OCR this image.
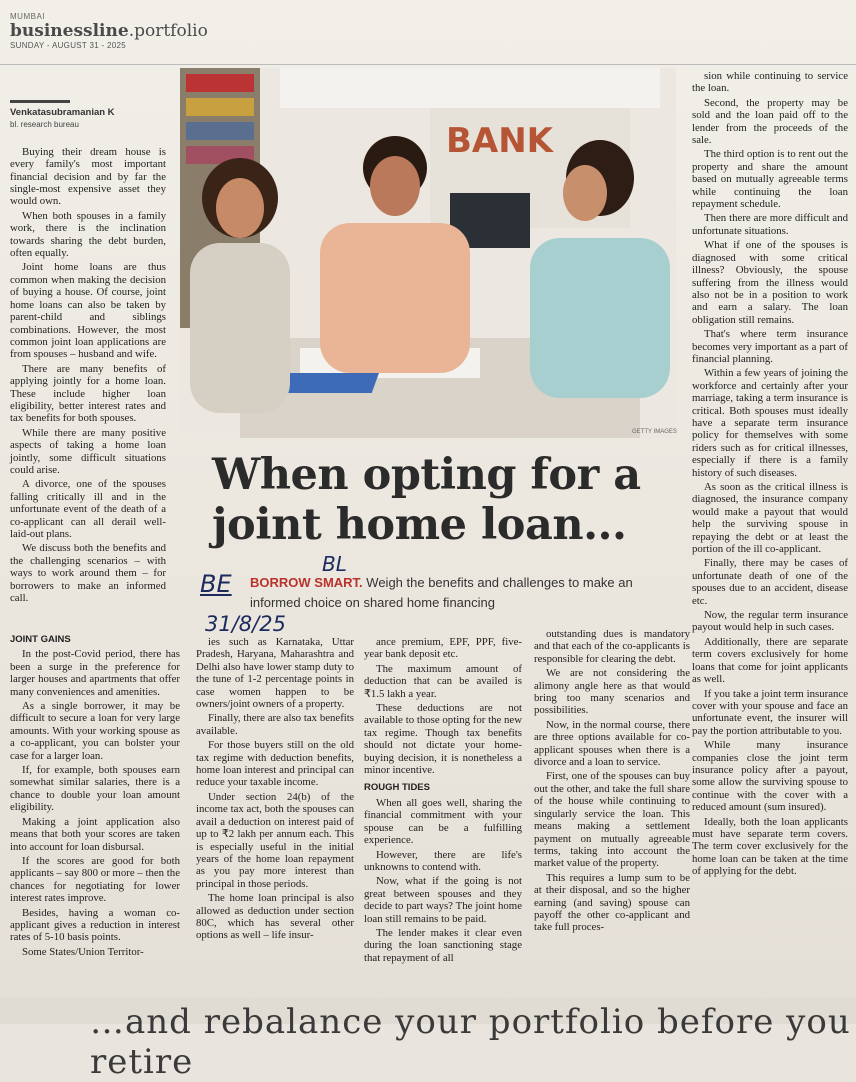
MUMBAI
businessline.portfolio
SUNDAY - AUGUST 31 - 2025
Venkatasubramanian K
bl. research bureau

Buying their dream house is every family's most important financial decision and by far the single-most expensive asset they would own.

When both spouses in a family work, there is the inclination towards sharing the debt burden, often equally.

Joint home loans are thus common when making the decision of buying a house. Of course, joint home loans can also be taken by parent-child and siblings combinations. However, the most common joint loan applications are from spouses – husband and wife.

There are many benefits of applying jointly for a home loan. These include higher loan eligibility, better interest rates and tax benefits for both spouses.

While there are many positive aspects of taking a home loan jointly, some difficult situations could arise.

A divorce, one of the spouses falling critically ill and in the unfortunate event of the death of a co-applicant can all derail well-laid-out plans.

We discuss both the benefits and the challenging scenarios – with ways to work around them – for borrowers to make an informed call.

BANK
GETTY IMAGES
When opting for a joint home loan...
BL
BE
31/8/25
BORROW SMART. Weigh the benefits and challenges to make an informed choice on shared home financing
JOINT GAINS

In the post-Covid period, there has been a surge in the preference for larger houses and apartments that offer many conveniences and amenities.

As a single borrower, it may be difficult to secure a loan for very large amounts. With your working spouse as a co-applicant, you can bolster your case for a larger loan.

If, for example, both spouses earn somewhat similar salaries, there is a chance to double your loan amount eligibility.

Making a joint application also means that both your scores are taken into account for loan disbursal.

If the scores are good for both applicants – say 800 or more – then the chances for negotiating for lower interest rates improve.

Besides, having a woman co-applicant gives a reduction in interest rates of 5-10 basis points.

Some States/Union Territor-

ies such as Karnataka, Uttar Pradesh, Haryana, Maharashtra and Delhi also have lower stamp duty to the tune of 1-2 percentage points in case women happen to be owners/joint owners of a property.

Finally, there are also tax benefits available.

For those buyers still on the old tax regime with deduction benefits, home loan interest and principal can reduce your taxable income.

Under section 24(b) of the income tax act, both the spouses can avail a deduction on interest paid of up to ₹2 lakh per annum each. This is especially useful in the initial years of the home loan repayment as you pay more interest than principal in those periods.

The home loan principal is also allowed as deduction under section 80C, which has several other options as well – life insur-

ance premium, EPF, PPF, five-year bank deposit etc.

The maximum amount of deduction that can be availed is ₹1.5 lakh a year.

These deductions are not available to those opting for the new tax regime. Though tax benefits should not dictate your home-buying decision, it is nonetheless a minor incentive.

ROUGH TIDES

When all goes well, sharing the financial commitment with your spouse can be a fulfilling experience.

However, there are life's unknowns to contend with.

Now, what if the going is not great between spouses and they decide to part ways? The joint home loan still remains to be paid.

The lender makes it clear even during the loan sanctioning stage that repayment of all

outstanding dues is mandatory and that each of the co-applicants is responsible for clearing the debt.

We are not considering the alimony angle here as that would bring too many scenarios and possibilities.

Now, in the normal course, there are three options available for co-applicant spouses when there is a divorce and a loan to service.

First, one of the spouses can buy out the other, and take the full share of the house while continuing to singularly service the loan. This means making a settlement payment on mutually agreeable terms, taking into account the market value of the property.

This requires a lump sum to be at their disposal, and so the higher earning (and saving) spouse can payoff the other co-applicant and take full proces-

sion while continuing to service the loan.

Second, the property may be sold and the loan paid off to the lender from the proceeds of the sale.

The third option is to rent out the property and share the amount based on mutually agreeable terms while continuing the loan repayment schedule.

Then there are more difficult and unfortunate situations.

What if one of the spouses is diagnosed with some critical illness? Obviously, the spouse suffering from the illness would also not be in a position to work and earn a salary. The loan obligation still remains.

That's where term insurance becomes very important as a part of financial planning.

Within a few years of joining the workforce and certainly after your marriage, taking a term insurance is critical. Both spouses must ideally have a separate term insurance policy for themselves with some riders such as for critical illnesses, especially if there is a family history of such diseases.

As soon as the critical illness is diagnosed, the insurance company would make a payout that would help the surviving spouse in repaying the debt or at least the portion of the ill co-applicant.

Finally, there may be cases of unfortunate death of one of the spouses due to an accident, disease etc.

Now, the regular term insurance payout would help in such cases.

Additionally, there are separate term covers exclusively for home loans that come for joint applicants as well.

If you take a joint term insurance cover with your spouse and face an unfortunate event, the insurer will pay the portion attributable to you.

While many insurance companies close the joint term insurance policy after a payout, some allow the surviving spouse to continue with the cover with a reduced amount (sum insured).

Ideally, both the loan applicants must have separate term covers. The term cover exclusively for the home loan can be taken at the time of applying for the debt.

…and rebalance your portfolio before you retire
